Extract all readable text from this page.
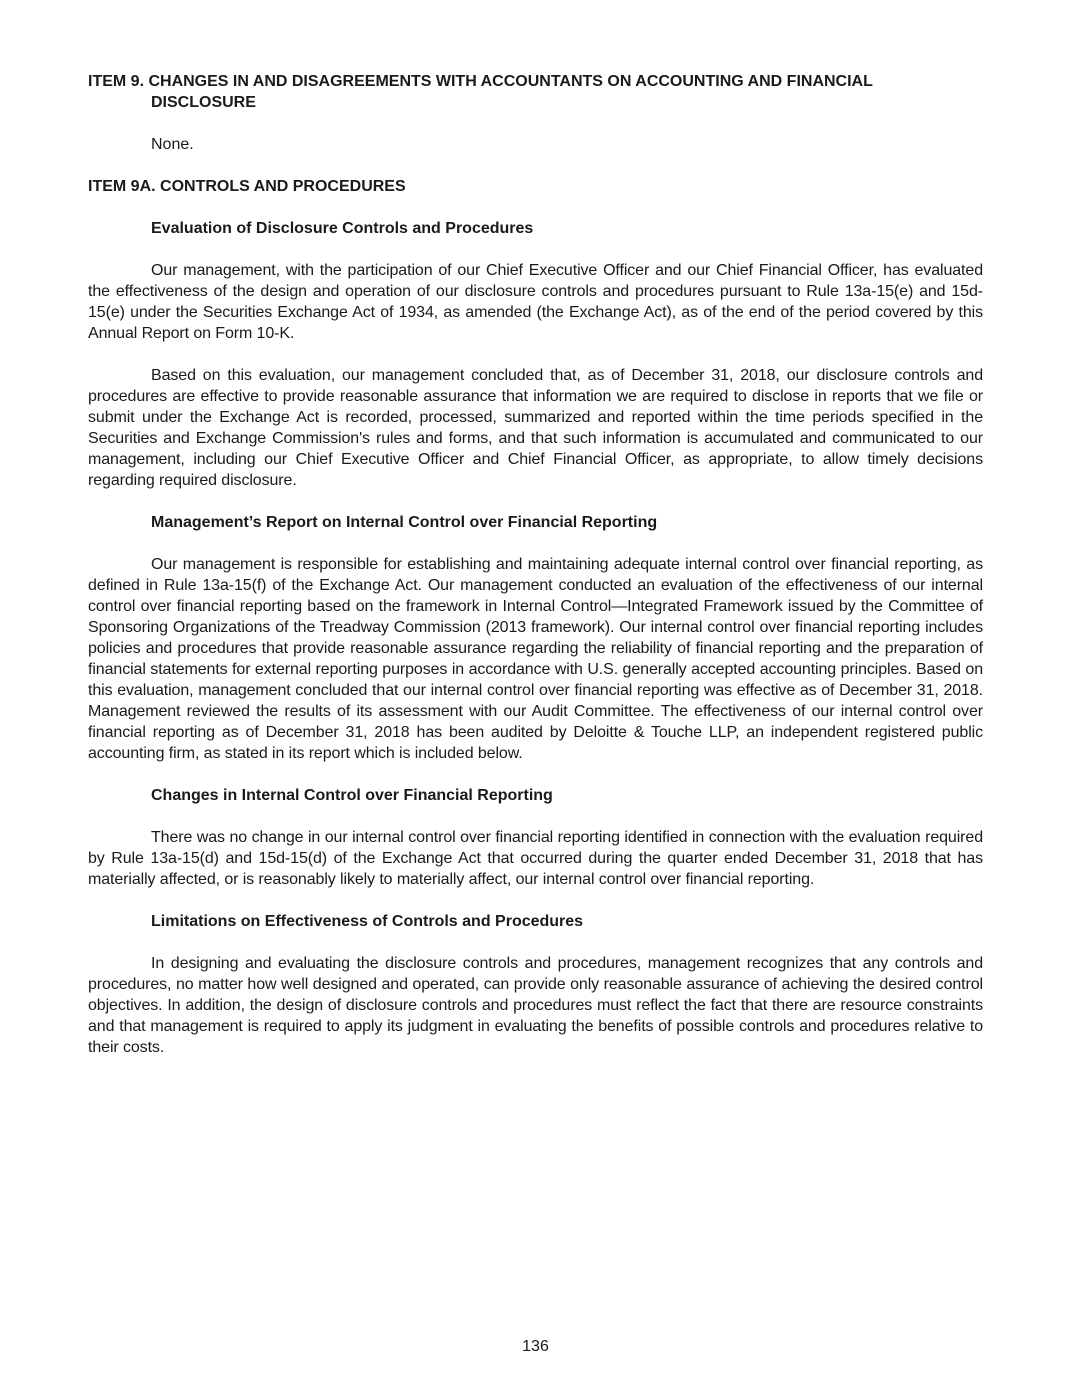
ITEM 9. CHANGES IN AND DISAGREEMENTS WITH ACCOUNTANTS ON ACCOUNTING AND FINANCIAL
DISCLOSURE

None.

ITEM 9A. CONTROLS AND PROCEDURES
Evaluation of Disclosure Controls and Procedures

Our management, with the participation of our Chief Executive Officer and our Chief Financial Officer, has evaluated the effectiveness of the design and operation of our disclosure controls and procedures pursuant to Rule 13a-15(e) and 15d-15(e) under the Securities Exchange Act of 1934, as amended (the Exchange Act), as of the end of the period covered by this Annual Report on Form 10-K.

Based on this evaluation, our management concluded that, as of December 31, 2018, our disclosure controls and procedures are effective to provide reasonable assurance that information we are required to disclose in reports that we file or submit under the Exchange Act is recorded, processed, summarized and reported within the time periods specified in the Securities and Exchange Commission's rules and forms, and that such information is accumulated and communicated to our management, including our Chief Executive Officer and Chief Financial Officer, as appropriate, to allow timely decisions regarding required disclosure.

Management’s Report on Internal Control over Financial Reporting

Our management is responsible for establishing and maintaining adequate internal control over financial reporting, as defined in Rule 13a-15(f) of the Exchange Act. Our management conducted an evaluation of the effectiveness of our internal control over financial reporting based on the framework in Internal Control—Integrated Framework issued by the Committee of Sponsoring Organizations of the Treadway Commission (2013 framework). Our internal control over financial reporting includes policies and procedures that provide reasonable assurance regarding the reliability of financial reporting and the preparation of financial statements for external reporting purposes in accordance with U.S. generally accepted accounting principles. Based on this evaluation, management concluded that our internal control over financial reporting was effective as of December 31, 2018. Management reviewed the results of its assessment with our Audit Committee. The effectiveness of our internal control over financial reporting as of December 31, 2018 has been audited by Deloitte & Touche LLP, an independent registered public accounting firm, as stated in its report which is included below.

Changes in Internal Control over Financial Reporting

There was no change in our internal control over financial reporting identified in connection with the evaluation required by Rule 13a-15(d) and 15d-15(d) of the Exchange Act that occurred during the quarter ended December 31, 2018 that has materially affected, or is reasonably likely to materially affect, our internal control over financial reporting.

Limitations on Effectiveness of Controls and Procedures

In designing and evaluating the disclosure controls and procedures, management recognizes that any controls and procedures, no matter how well designed and operated, can provide only reasonable assurance of achieving the desired control objectives. In addition, the design of disclosure controls and procedures must reflect the fact that there are resource constraints and that management is required to apply its judgment in evaluating the benefits of possible controls and procedures relative to their costs.

136
